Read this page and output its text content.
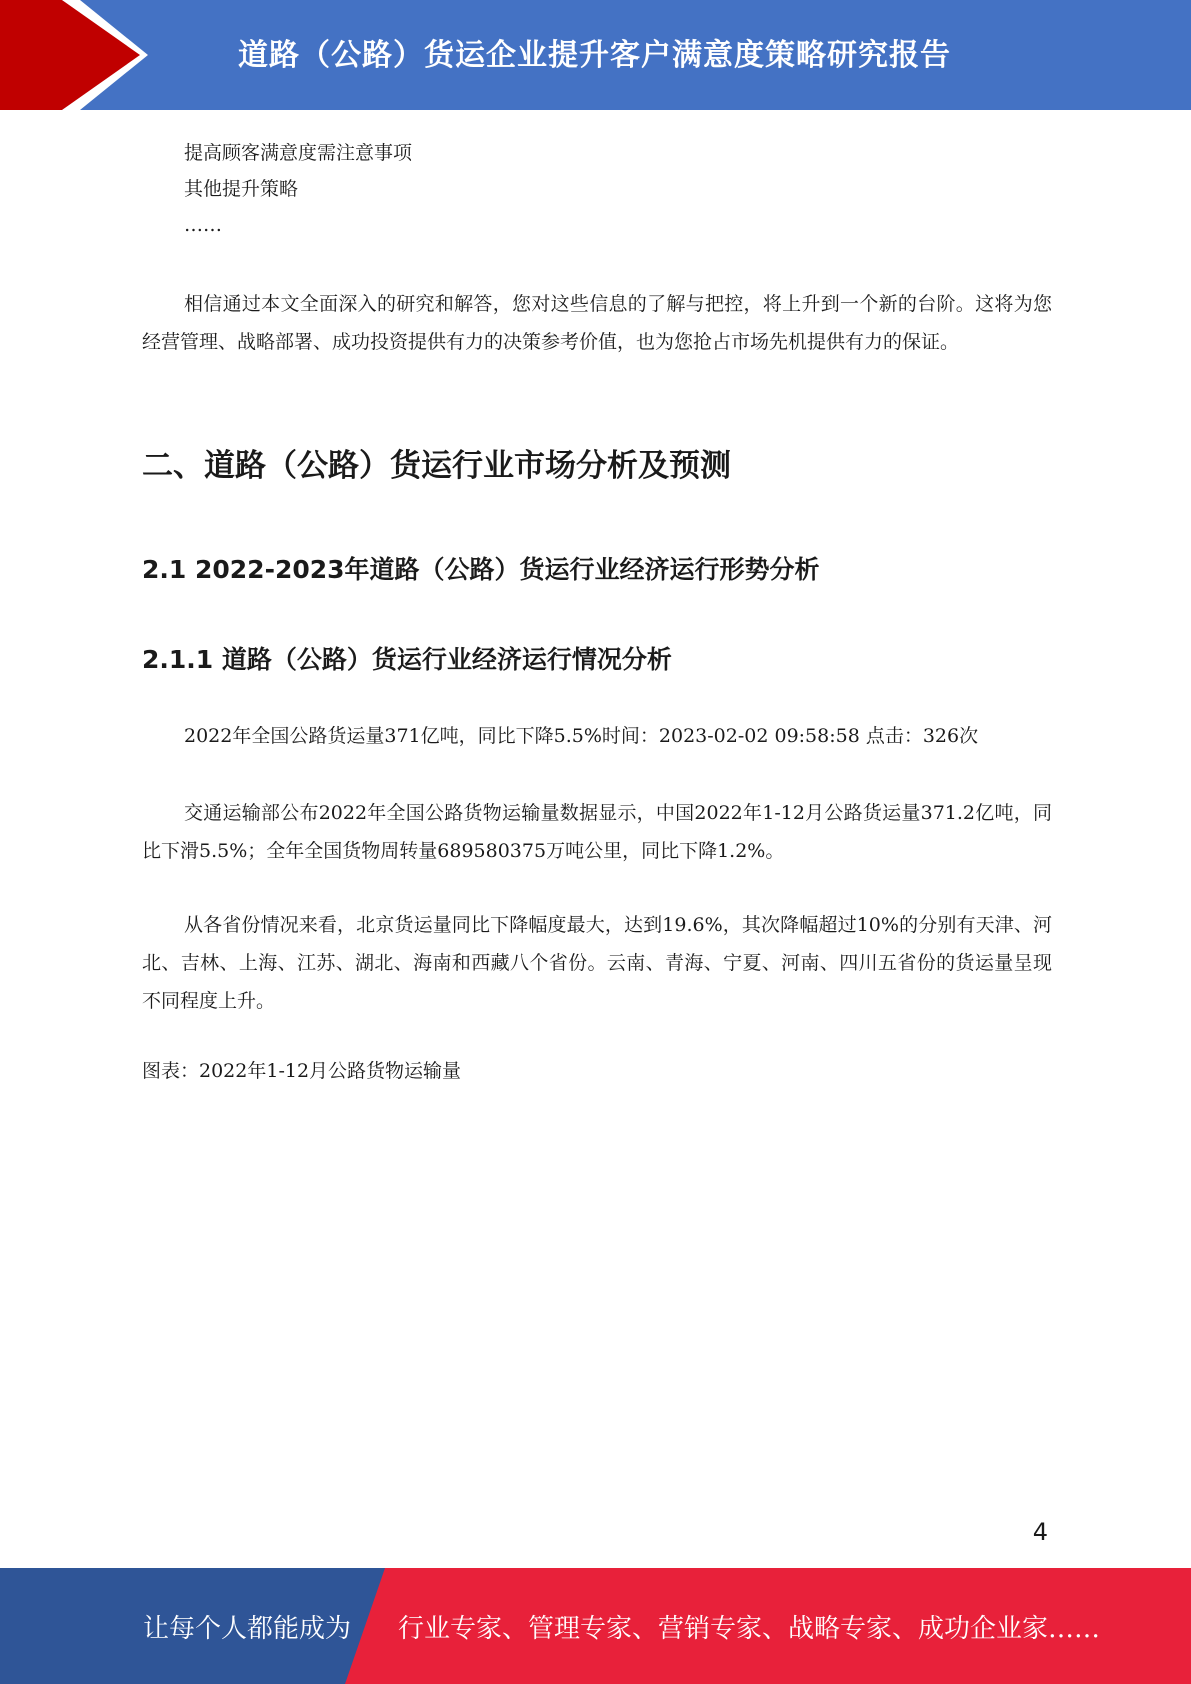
道路（公路）货运企业提升客户满意度策略研究报告
提高顾客满意度需注意事项
其他提升策略
……
相信通过本文全面深入的研究和解答，您对这些信息的了解与把控，将上升到一个新的台阶。这将为您经营管理、战略部署、成功投资提供有力的决策参考价值，也为您抢占市场先机提供有力的保证。
二、道路（公路）货运行业市场分析及预测
2.1 2022-2023年道路（公路）货运行业经济运行形势分析
2.1.1 道路（公路）货运行业经济运行情况分析
2022年全国公路货运量371亿吨，同比下降5.5%时间：2023-02-02 09:58:58 点击：326次
交通运输部公布2022年全国公路货物运输量数据显示，中国2022年1-12月公路货运量371.2亿吨，同比下滑5.5%；全年全国货物周转量689580375万吨公里，同比下降1.2%。
从各省份情况来看，北京货运量同比下降幅度最大，达到19.6%，其次降幅超过10%的分别有天津、河北、吉林、上海、江苏、湖北、海南和西藏八个省份。云南、青海、宁夏、河南、四川五省份的货运量呈现不同程度上升。
图表：2022年1-12月公路货物运输量
4
让每个人都能成为 行业专家、管理专家、营销专家、战略专家、成功企业家……
